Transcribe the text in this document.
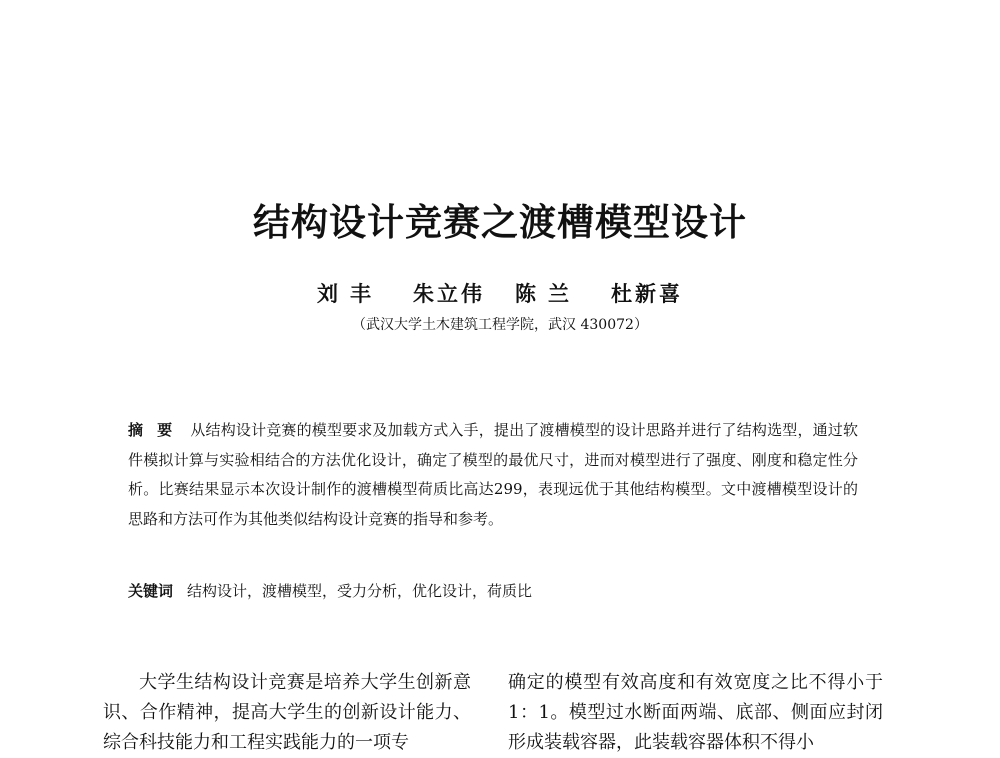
结构设计竞赛之渡槽模型设计
刘丰 朱立伟 陈兰 杜新喜
（武汉大学土木建筑工程学院，武汉 430072）
摘要 从结构设计竞赛的模型要求及加载方式入手，提出了渡槽模型的设计思路并进行了结构选型，通过软件模拟计算与实验相结合的方法优化设计，确定了模型的最优尺寸，进而对模型进行了强度、刚度和稳定性分析。比赛结果显示本次设计制作的渡槽模型荷质比高达299，表现远优于其他结构模型。文中渡槽模型设计的思路和方法可作为其他类似结构设计竞赛的指导和参考。
关键词 结构设计，渡槽模型，受力分析，优化设计，荷质比

大学生结构设计竞赛是培养大学生创新意识、合作精神，提高大学生的创新设计能力、综合科技能力和工程实践能力的一项专

确定的模型有效高度和有效宽度之比不得小于1：1。模型过水断面两端、底部、侧面应封闭形成装载容器，此装载容器体积不得小
